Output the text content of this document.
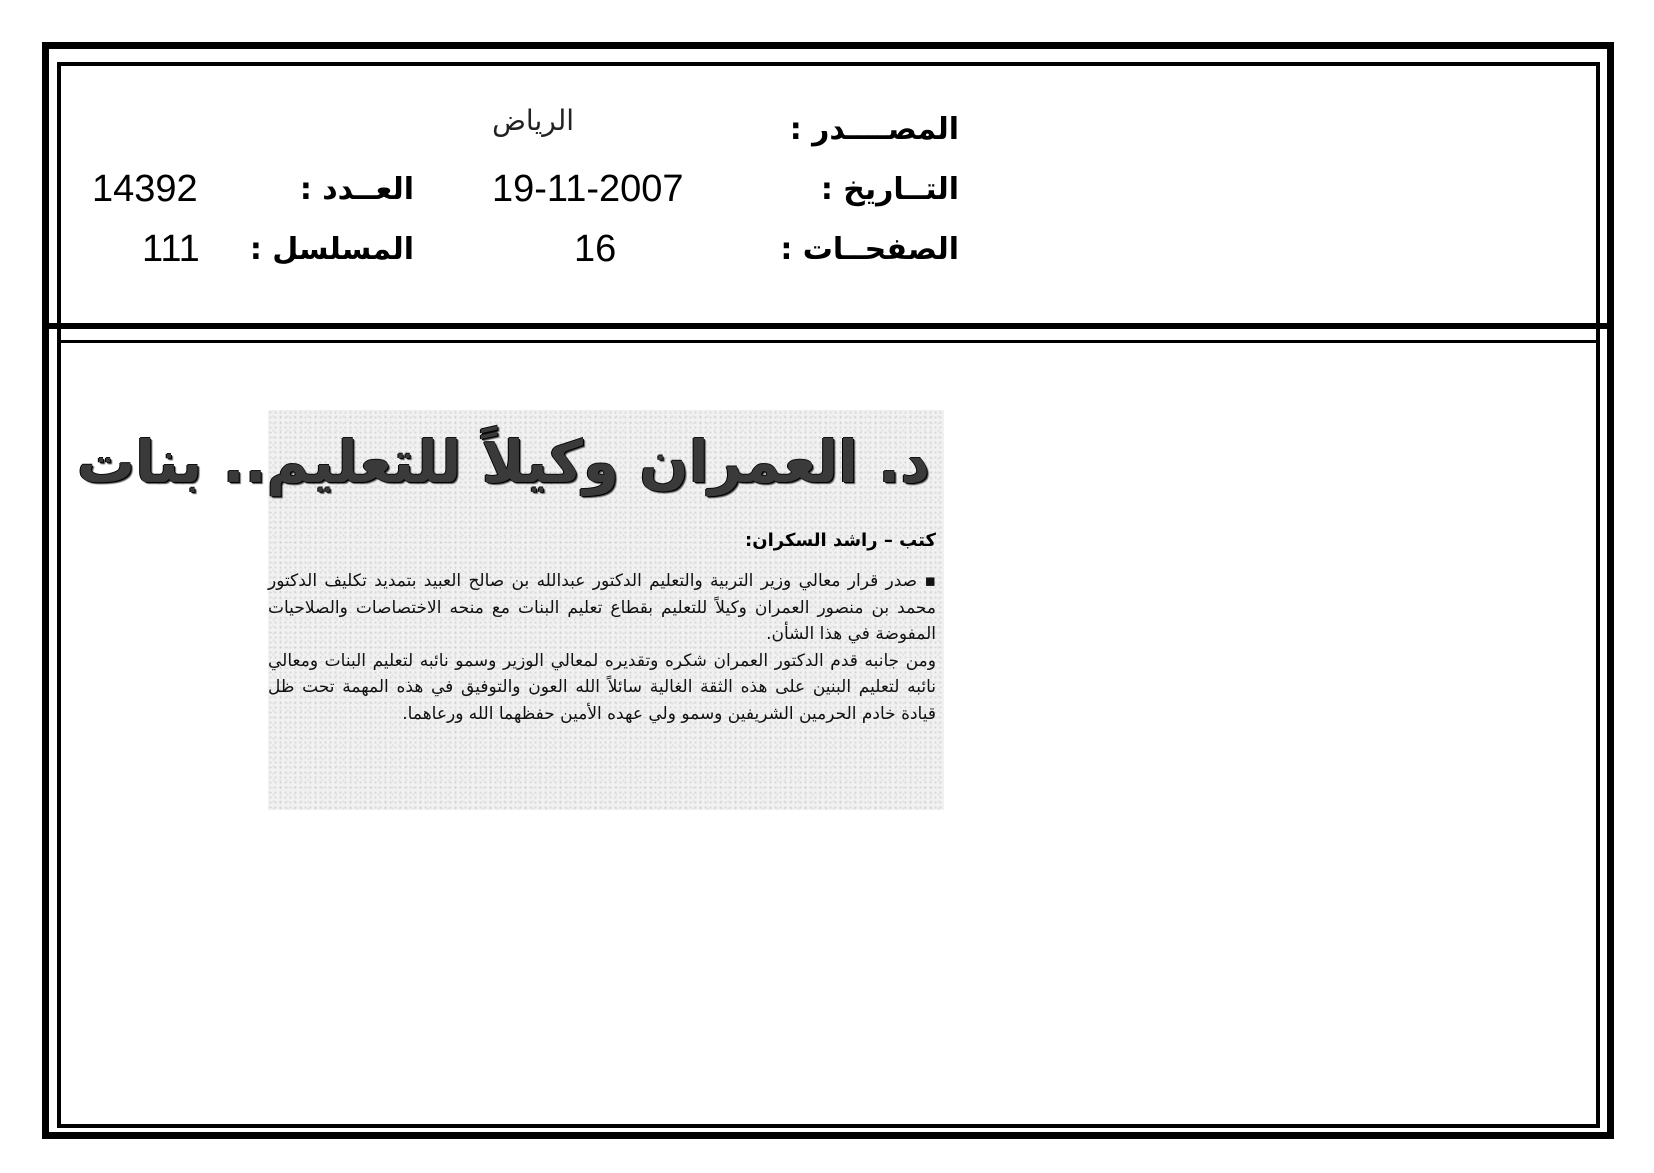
المصــــدر :
الرياض
التــاريخ :
19-11-2007
العــدد :
14392
الصفحــات :
16
المسلسل :
111
د. العمران وكيلاً للتعليم.. بنات
كتب – راشد السكران:

▪ صدر قرار معالي وزير التربية والتعليم الدكتور عبدالله بن صالح العبيد بتمديد تكليف الدكتور محمد بن منصور العمران وكيلاً للتعليم بقطاع تعليم البنات مع منحه الاختصاصات والصلاحيات المفوضة في هذا الشأن.

ومن جانبه قدم الدكتور العمران شكره وتقديره لمعالي الوزير وسمو نائبه لتعليم البنات ومعالي نائبه لتعليم البنين على هذه الثقة الغالية سائلاً الله العون والتوفيق في هذه المهمة تحت ظل قيادة خادم الحرمين الشريفين وسمو ولي عهده الأمين حفظهما الله ورعاهما.
